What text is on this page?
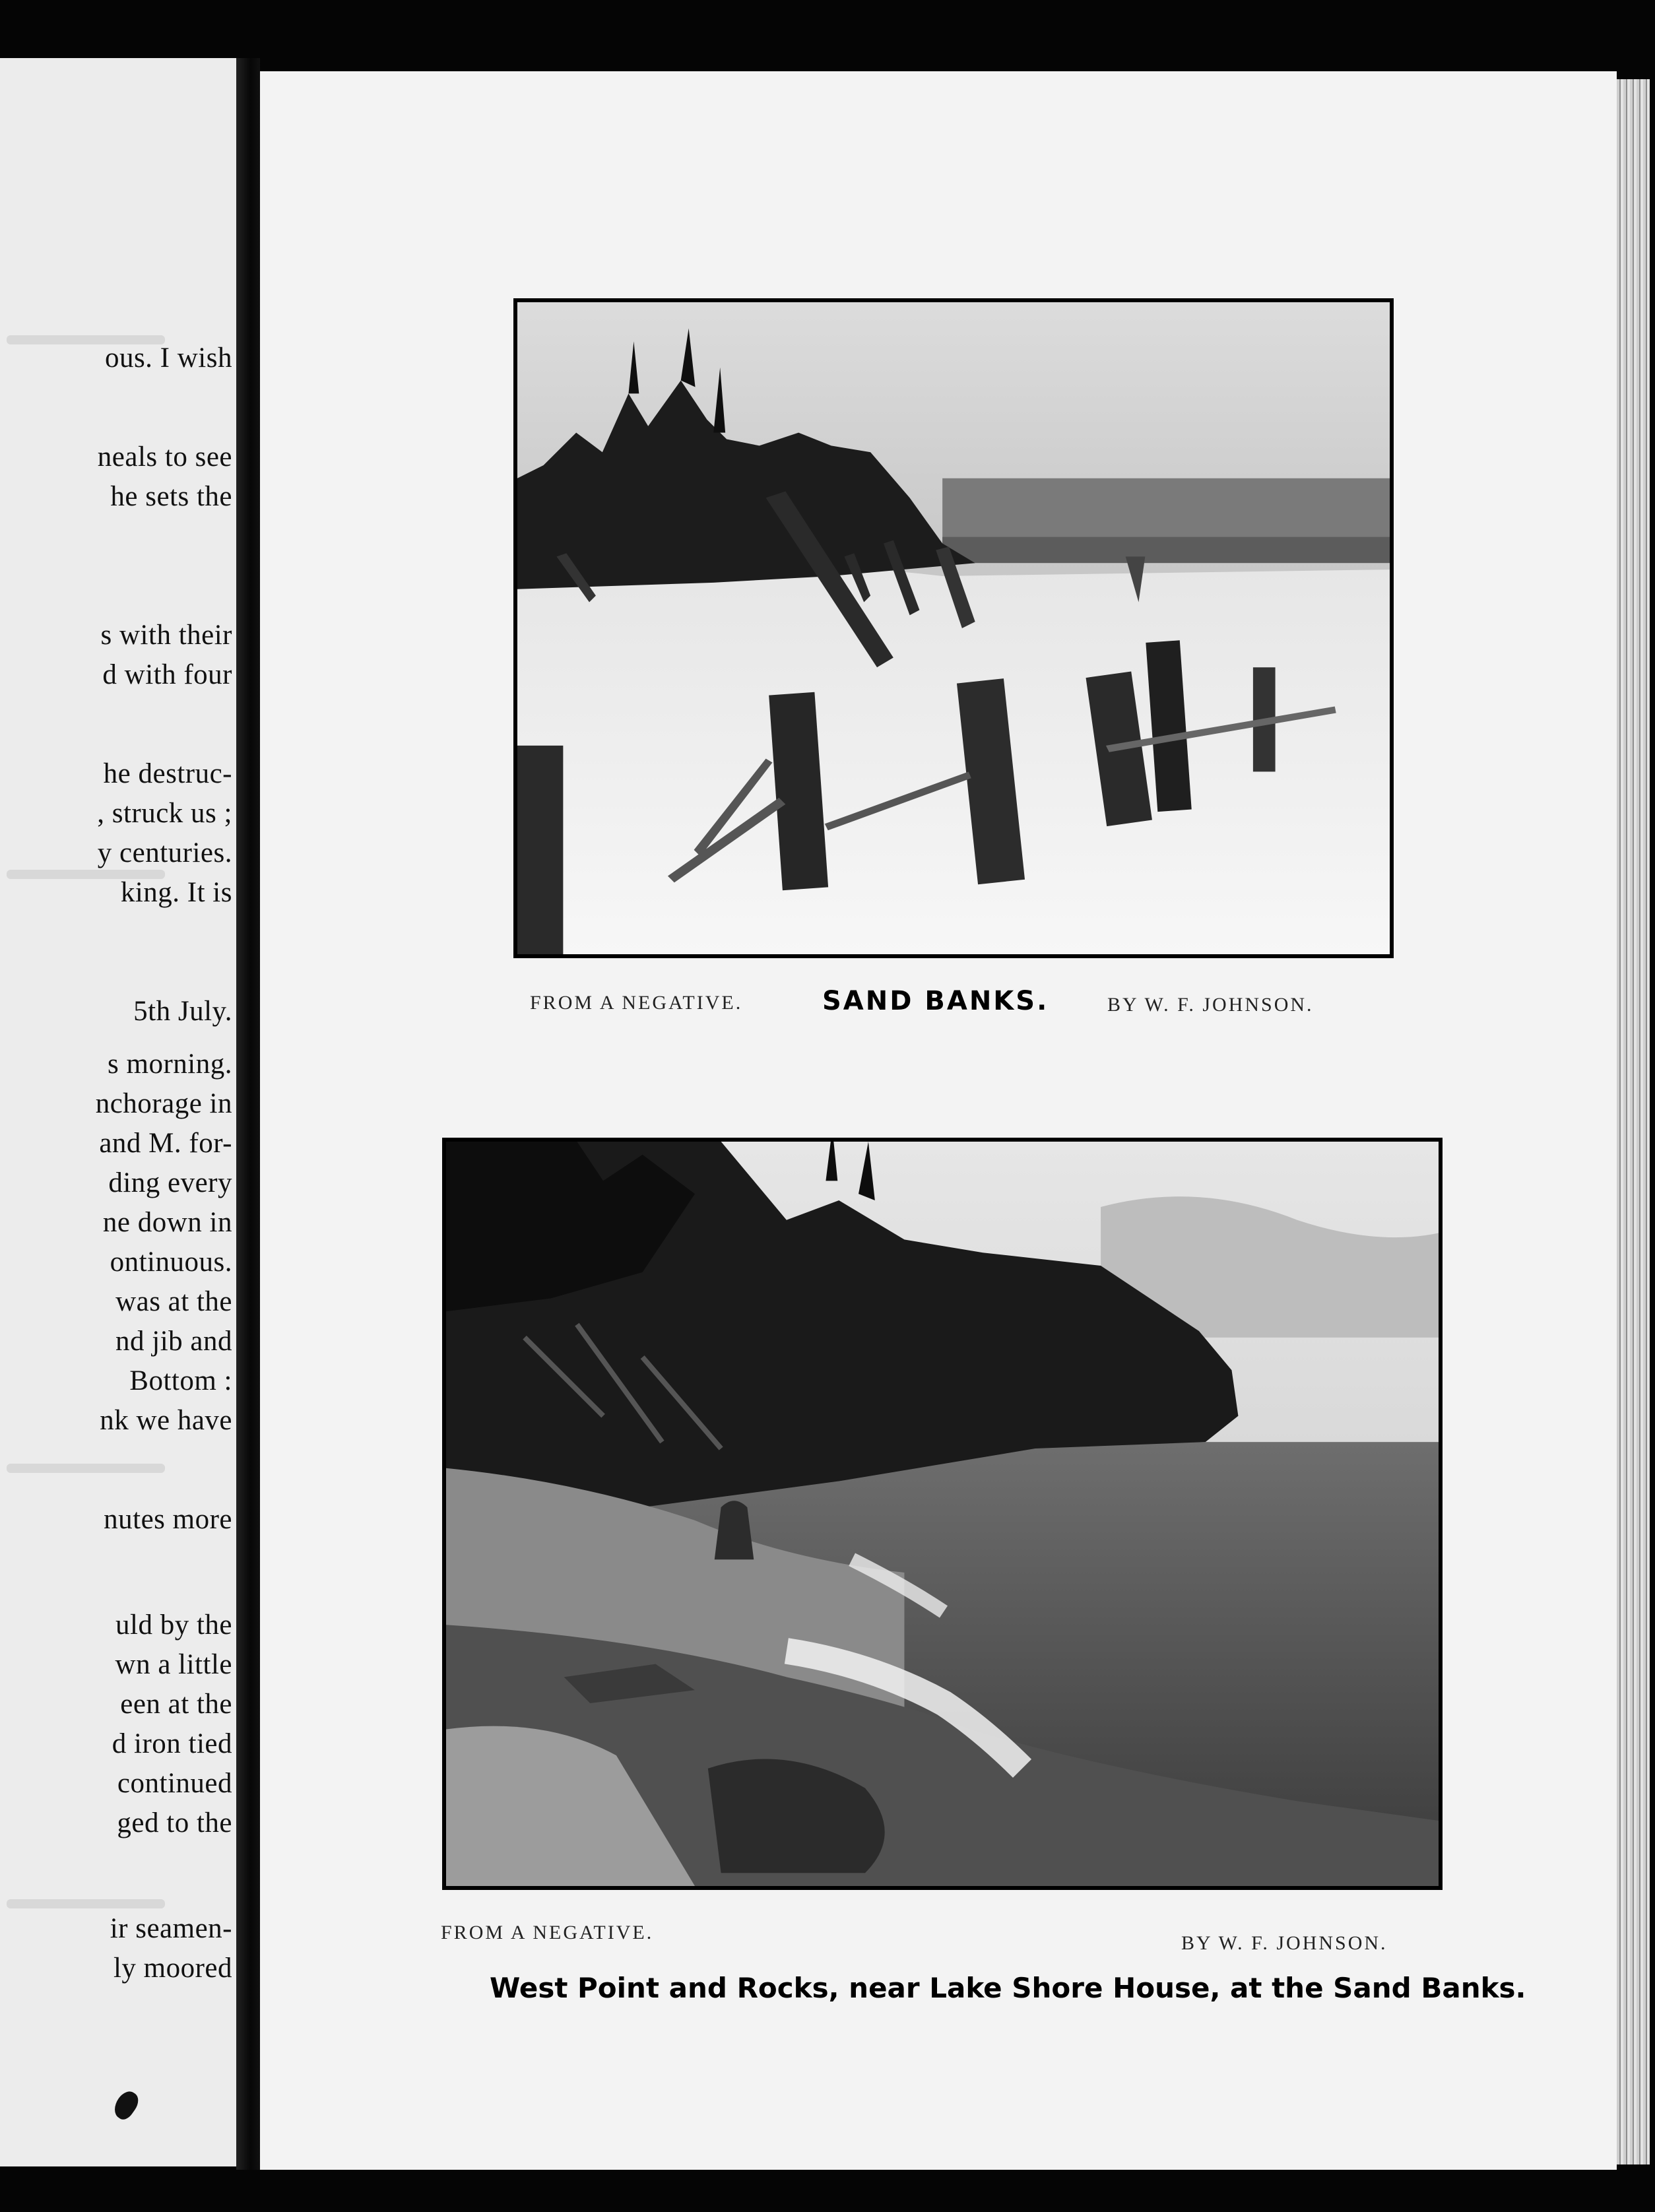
ous. I wish
neals to see
he sets the
s with their
d with four
he destruc-
, struck us ;
y centuries.
king. It is
5th July.
s morning.
nchorage in
and M. for-
ding every
ne down in
ontinuous.
was at the
nd jib and
Bottom :
nk we have
nutes more
uld by the
wn a little
een at the
d iron tied
continued
ged to the
ir seamen-
ly moored
FROM A NEGATIVE.	SAND BANKS.	BY W. F. JOHNSON.
FROM A NEGATIVE.	BY W. F. JOHNSON.
West Point and Rocks, near Lake Shore House, at the Sand Banks.
